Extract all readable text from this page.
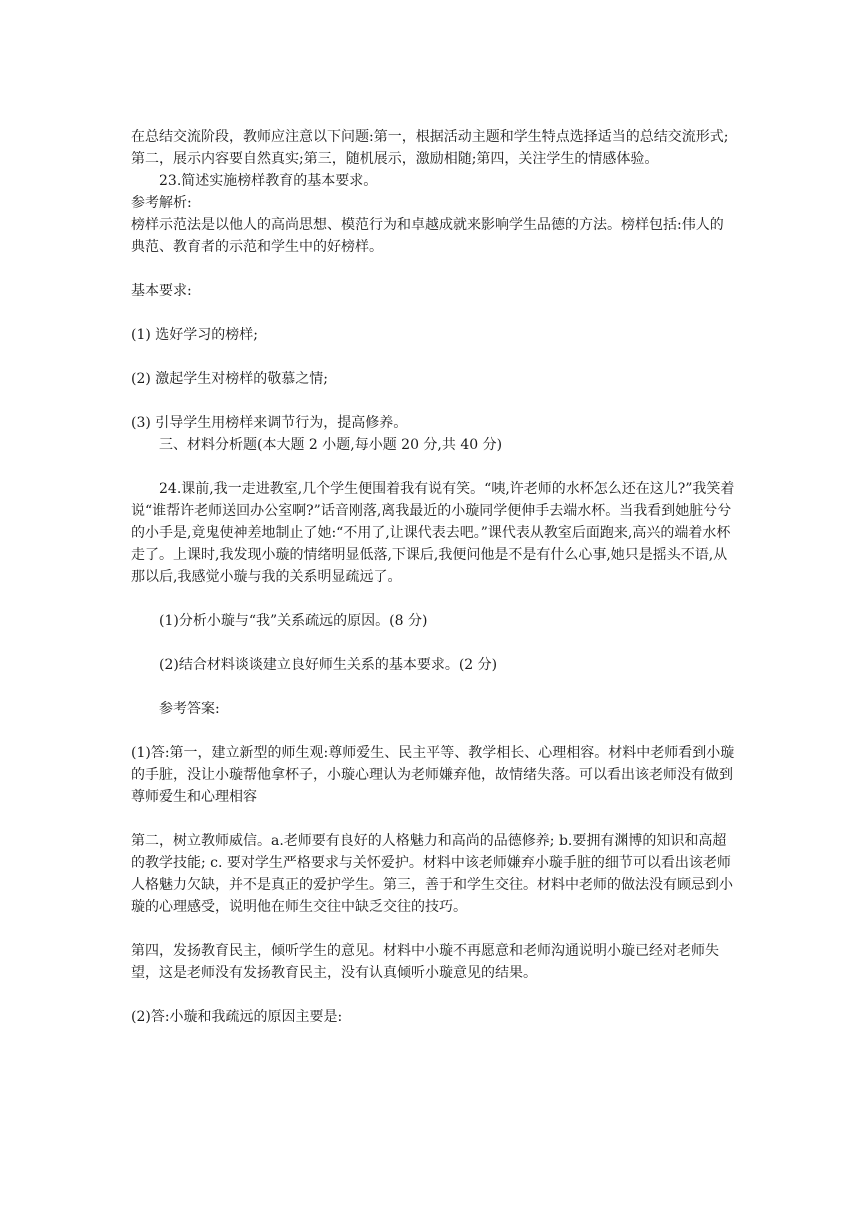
在总结交流阶段，教师应注意以下问题:第一，根据活动主题和学生特点选择适当的总结交流形式;第二，展示内容要自然真实;第三，随机展示，激励相随;第四，关注学生的情感体验。

23.简述实施榜样教育的基本要求。

参考解析:

榜样示范法是以他人的高尚思想、模范行为和卓越成就来影响学生品德的方法。榜样包括:伟人的典范、教育者的示范和学生中的好榜样。

基本要求:

(1) 选好学习的榜样;

(2) 激起学生对榜样的敬慕之情;

(3) 引导学生用榜样来调节行为，提高修养。

三、材料分析题(本大题 2 小题,每小题 20 分,共 40 分)

24.课前,我一走进教室,几个学生便围着我有说有笑。“咦,许老师的水杯怎么还在这儿?”我笑着说“谁帮许老师送回办公室啊?”话音刚落,离我最近的小璇同学便伸手去端水杯。当我看到她脏兮兮的小手是,竟鬼使神差地制止了她:“不用了,让课代表去吧。”课代表从教室后面跑来,高兴的端着水杯走了。上课时,我发现小璇的情绪明显低落,下课后,我便问他是不是有什么心事,她只是摇头不语,从那以后,我感觉小璇与我的关系明显疏远了。

(1)分析小璇与“我”关系疏远的原因。(8 分)

(2)结合材料谈谈建立良好师生关系的基本要求。(2 分)

参考答案:

(1)答:第一，建立新型的师生观:尊师爱生、民主平等、教学相长、心理相容。材料中老师看到小璇的手脏，没让小璇帮他拿杯子，小璇心理认为老师嫌弃他，故情绪失落。可以看出该老师没有做到尊师爱生和心理相容

第二，树立教师威信。a.老师要有良好的人格魅力和高尚的品德修养; b.要拥有渊博的知识和高超的教学技能; c. 要对学生严格要求与关怀爱护。材料中该老师嫌弃小璇手脏的细节可以看出该老师人格魅力欠缺，并不是真正的爱护学生。第三，善于和学生交往。材料中老师的做法没有顾忌到小璇的心理感受，说明他在师生交往中缺乏交往的技巧。

第四，发扬教育民主，倾听学生的意见。材料中小璇不再愿意和老师沟通说明小璇已经对老师失望，这是老师没有发扬教育民主，没有认真倾听小璇意见的结果。

(2)答:小璇和我疏远的原因主要是:
